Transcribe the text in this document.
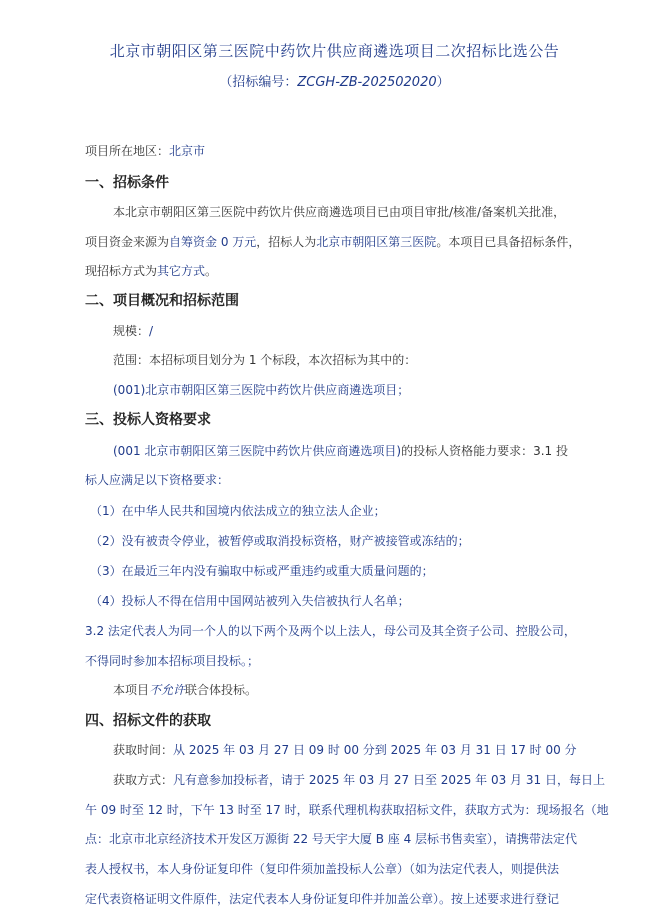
北京市朝阳区第三医院中药饮片供应商遴选项目二次招标比选公告
（招标编号：ZCGH-ZB-202502020）
项目所在地区：北京市
一、招标条件
本北京市朝阳区第三医院中药饮片供应商遴选项目已由项目审批/核准/备案机关批准，
项目资金来源为自筹资金 0 万元，招标人为北京市朝阳区第三医院。本项目已具备招标条件，
现招标方式为其它方式。
二、项目概况和招标范围
规模：/
范围：本招标项目划分为 1 个标段，本次招标为其中的：
(001)北京市朝阳区第三医院中药饮片供应商遴选项目；
三、投标人资格要求
(001 北京市朝阳区第三医院中药饮片供应商遴选项目)的投标人资格能力要求：3.1 投
标人应满足以下资格要求：
（1）在中华人民共和国境内依法成立的独立法人企业；
（2）没有被责令停业，被暂停或取消投标资格，财产被接管或冻结的；
（3）在最近三年内没有骗取中标或严重违约或重大质量问题的；
（4）投标人不得在信用中国网站被列入失信被执行人名单；
3.2 法定代表人为同一个人的以下两个及两个以上法人，母公司及其全资子公司、控股公司，
不得同时参加本招标项目投标。；
本项目不允许联合体投标。
四、招标文件的获取
获取时间：从 2025 年 03 月 27 日 09 时 00 分到 2025 年 03 月 31 日 17 时 00 分
获取方式：凡有意参加投标者，请于 2025 年 03 月 27 日至 2025 年 03 月 31 日，每日上
午 09 时至 12 时，下午 13 时至 17 时，联系代理机构获取招标文件，获取方式为：现场报名（地
点：北京市北京经济技术开发区万源街 22 号天宇大厦 B 座 4 层标书售卖室），请携带法定代
表人授权书，本人身份证复印件（复印件须加盖投标人公章）（如为法定代表人，则提供法
定代表资格证明文件原件，法定代表本人身份证复印件并加盖公章）。按上述要求进行登记
